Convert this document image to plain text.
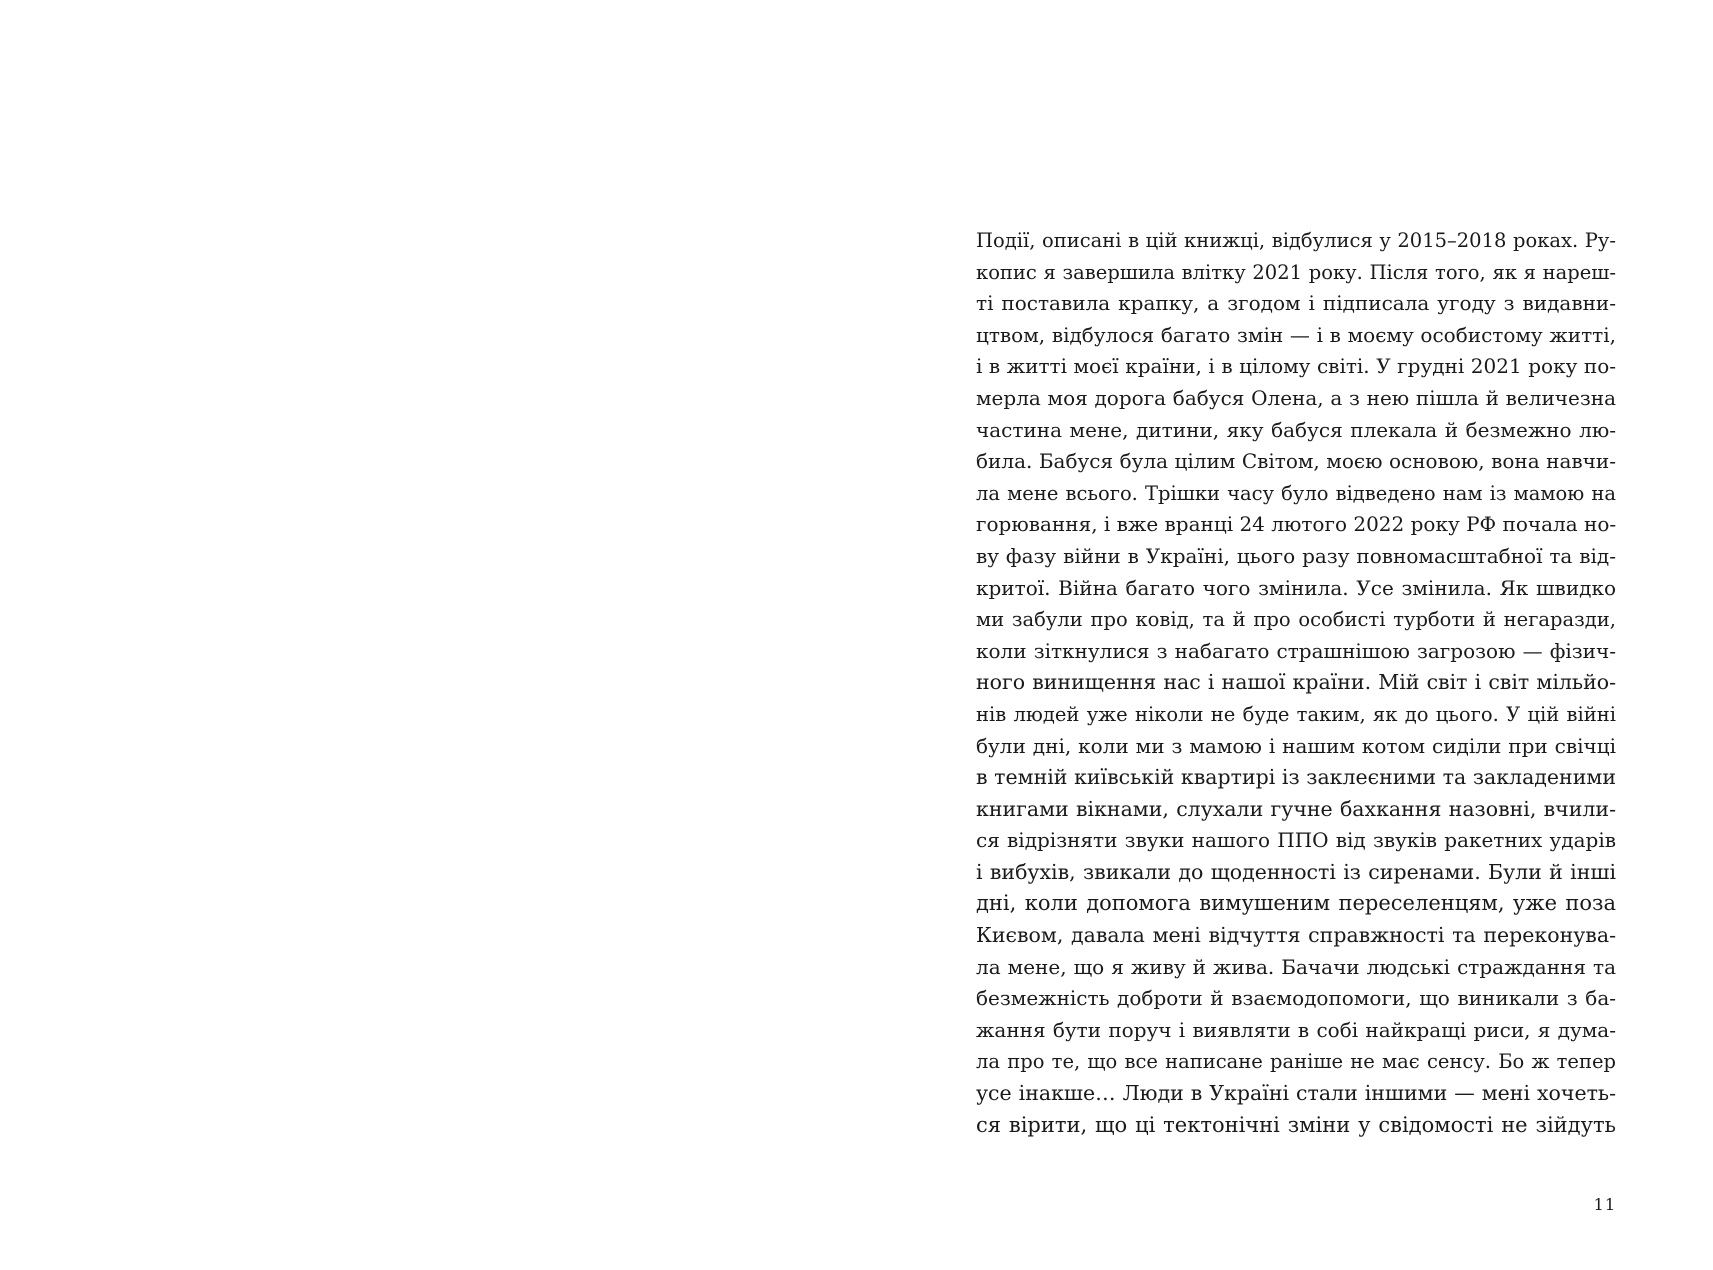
Події, описані в цій книжці, відбулися у 2015–2018 роках. Ру-
копис я завершила влітку 2021 року. Після того, як я нареш-
ті поставила крапку, а згодом і підписала угоду з видавни-
цтвом, відбулося багато змін — і в моєму особистому житті,
і в житті моєї країни, і в цілому світі. У грудні 2021 року по-
мерла моя дорога бабуся Олена, а з нею пішла й величезна
частина мене, дитини, яку бабуся плекала й безмежно лю-
била. Бабуся була цілим Світом, моєю основою, вона навчи-
ла мене всього. Трішки часу було відведено нам із мамою на
горювання, і вже вранці 24 лютого 2022 року РФ почала но-
ву фазу війни в Україні, цього разу повномасштабної та від-
критої. Війна багато чого змінила. Усе змінила. Як швидко
ми забули про ковід, та й про особисті турботи й негаразди,
коли зіткнулися з набагато страшнішою загрозою — фізич-
ного винищення нас і нашої країни. Мій світ і світ мільйо-
нів людей уже ніколи не буде таким, як до цього. У цій війні
були дні, коли ми з мамою і нашим котом сиділи при свічці
в темній київській квартирі із заклеєними та закладеними
книгами вікнами, слухали гучне бахкання назовні, вчили-
ся відрізняти звуки нашого ППО від звуків ракетних ударів
і вибухів, звикали до щоденності із сиренами. Були й інші
дні, коли допомога вимушеним переселенцям, уже поза
Києвом, давала мені відчуття справжності та переконува-
ла мене, що я живу й жива. Бачачи людські страждання та
безмежність доброти й взаємодопомоги, що виникали з ба-
жання бути поруч і виявляти в собі найкращі риси, я дума-
ла про те, що все написане раніше не має сенсу. Бо ж тепер
усе інакше… Люди в Україні стали іншими — мені хочеть-
ся вірити, що ці тектонічні зміни у свідомості не зійдуть
11
